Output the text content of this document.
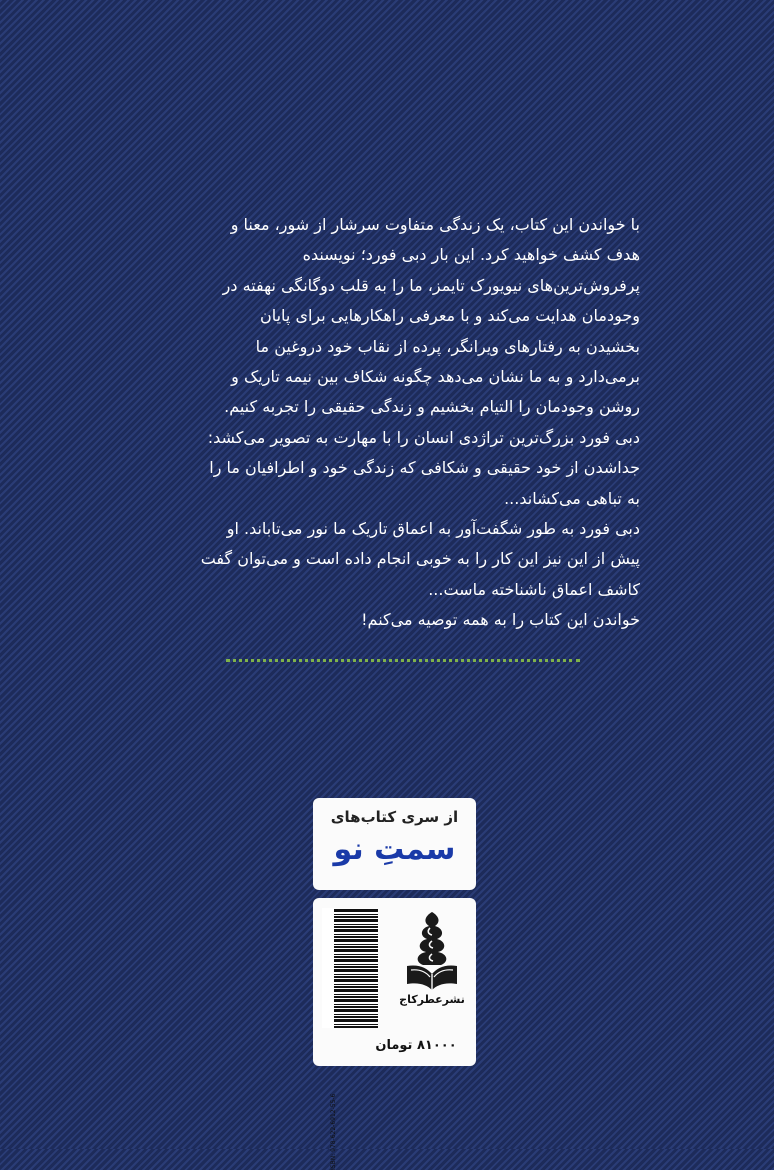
با خواندن این کتاب، یک زندگی متفاوت سرشار از شور، معنا و
هدف کشف خواهید کرد. این بار دبی فورد؛ نویسنده
پرفروش‌ترین‌های نیویورک تایمز، ما را به قلب دوگانگی نهفته در
وجودمان هدایت می‌کند و با معرفی راهکارهایی برای پایان
بخشیدن به رفتارهای ویرانگر، پرده از نقاب خود دروغین ما
برمی‌دارد و به ما نشان می‌دهد چگونه شکاف بین نیمه تاریک و
روشن وجودمان را التیام بخشیم و زندگی حقیقی را تجربه کنیم.
دبی فورد بزرگ‌ترین تراژدی انسان را با مهارت به تصویر می‌کشد:
جداشدن از خود حقیقی و شکافی که زندگی خود و اطرافیان ما را
به تباهی می‌کشاند...
دبی فورد به طور شگفت‌آور به اعماق تاریک ما نور می‌تاباند. او
پیش از این نیز این کار را به خوبی انجام داده است و می‌توان گفت
کاشف اعماق ناشناخته ماست...
خواندن این کتاب را به همه توصیه می‌کنم!
از سری کتاب‌های
سمتِ نو
ISBN: 978-622-6912-55-6
نشرعطرکاج
۸۱۰۰۰ تومان
